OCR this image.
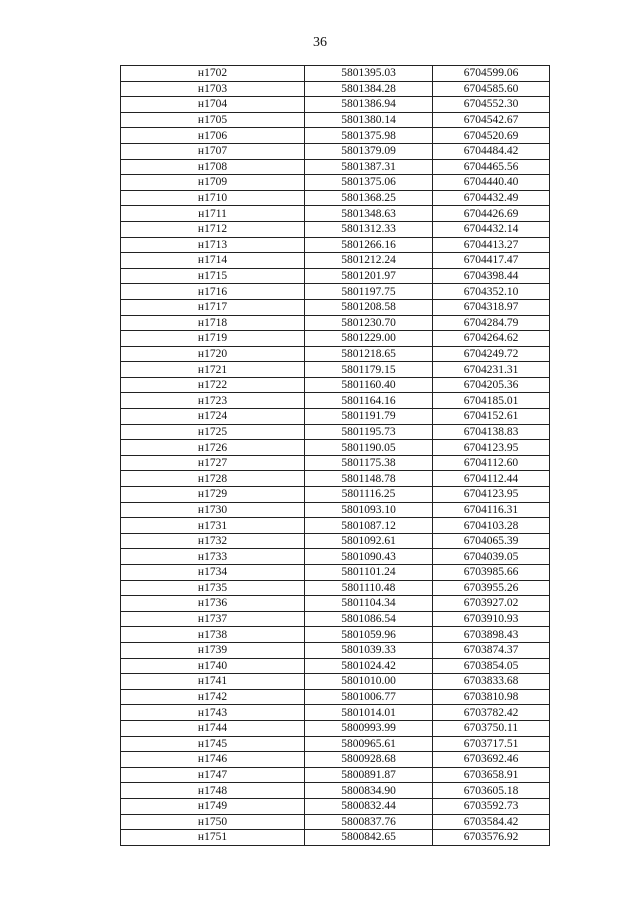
36
н1702	5801395.03	6704599.06
н1703	5801384.28	6704585.60
н1704	5801386.94	6704552.30
н1705	5801380.14	6704542.67
н1706	5801375.98	6704520.69
н1707	5801379.09	6704484.42
н1708	5801387.31	6704465.56
н1709	5801375.06	6704440.40
н1710	5801368.25	6704432.49
н1711	5801348.63	6704426.69
н1712	5801312.33	6704432.14
н1713	5801266.16	6704413.27
н1714	5801212.24	6704417.47
н1715	5801201.97	6704398.44
н1716	5801197.75	6704352.10
н1717	5801208.58	6704318.97
н1718	5801230.70	6704284.79
н1719	5801229.00	6704264.62
н1720	5801218.65	6704249.72
н1721	5801179.15	6704231.31
н1722	5801160.40	6704205.36
н1723	5801164.16	6704185.01
н1724	5801191.79	6704152.61
н1725	5801195.73	6704138.83
н1726	5801190.05	6704123.95
н1727	5801175.38	6704112.60
н1728	5801148.78	6704112.44
н1729	5801116.25	6704123.95
н1730	5801093.10	6704116.31
н1731	5801087.12	6704103.28
н1732	5801092.61	6704065.39
н1733	5801090.43	6704039.05
н1734	5801101.24	6703985.66
н1735	5801110.48	6703955.26
н1736	5801104.34	6703927.02
н1737	5801086.54	6703910.93
н1738	5801059.96	6703898.43
н1739	5801039.33	6703874.37
н1740	5801024.42	6703854.05
н1741	5801010.00	6703833.68
н1742	5801006.77	6703810.98
н1743	5801014.01	6703782.42
н1744	5800993.99	6703750.11
н1745	5800965.61	6703717.51
н1746	5800928.68	6703692.46
н1747	5800891.87	6703658.91
н1748	5800834.90	6703605.18
н1749	5800832.44	6703592.73
н1750	5800837.76	6703584.42
н1751	5800842.65	6703576.92
